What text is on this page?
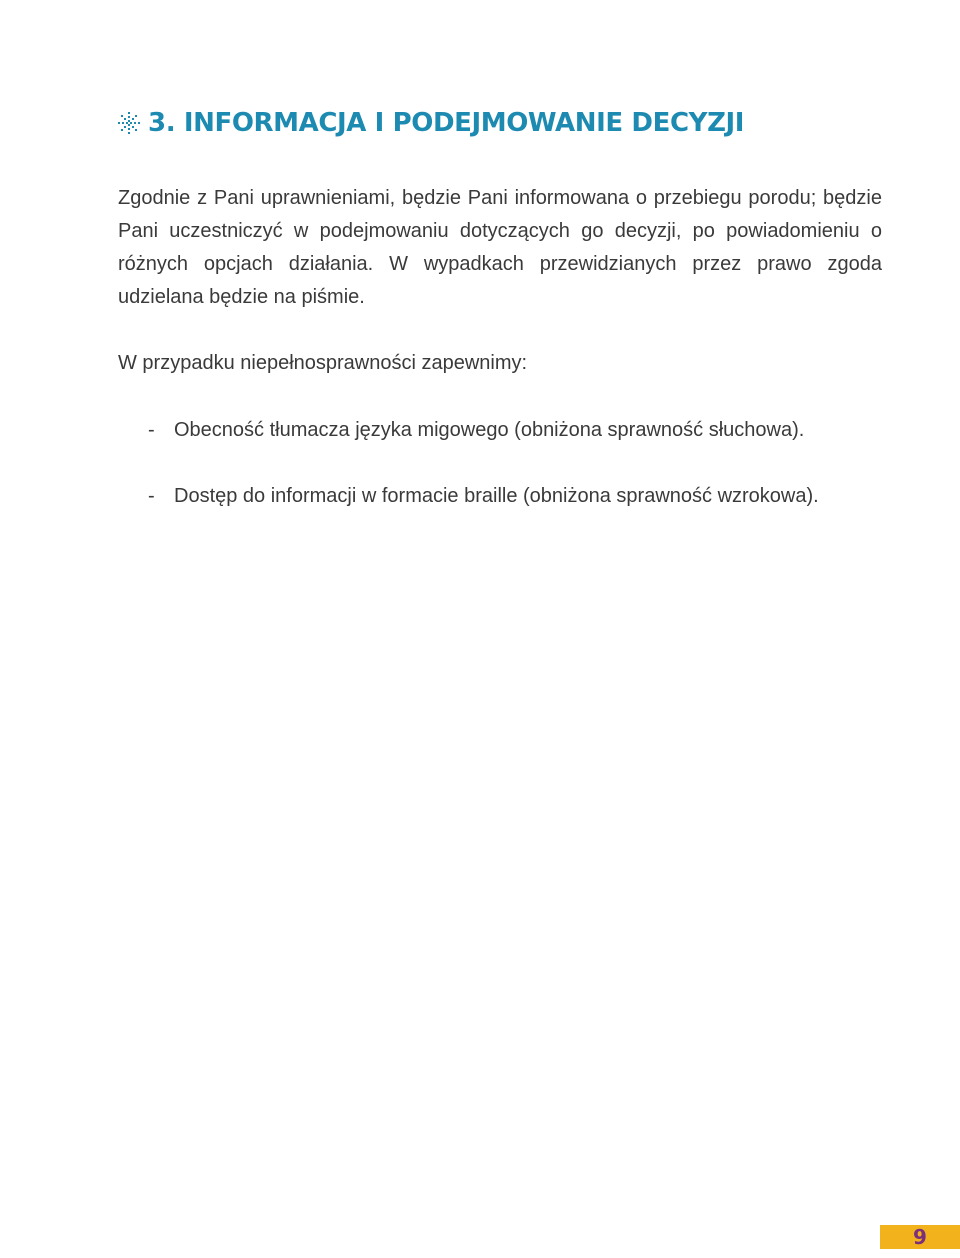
3. INFORMACJA I PODEJMOWANIE DECYZJI

Zgodnie z Pani uprawnieniami, będzie Pani informowana o przebiegu porodu; będzie Pani uczestniczyć w podejmowaniu dotyczących go decyzji, po powiadomieniu o różnych opcjach działania. W wypadkach przewidzianych przez prawo zgoda udzielana będzie na piśmie.

W przypadku niepełnosprawności zapewnimy:

- Obecność tłumacza języka migowego (obniżona sprawność słuchowa).
- Dostęp do informacji w formacie braille (obniżona sprawność wzrokowa).
9
